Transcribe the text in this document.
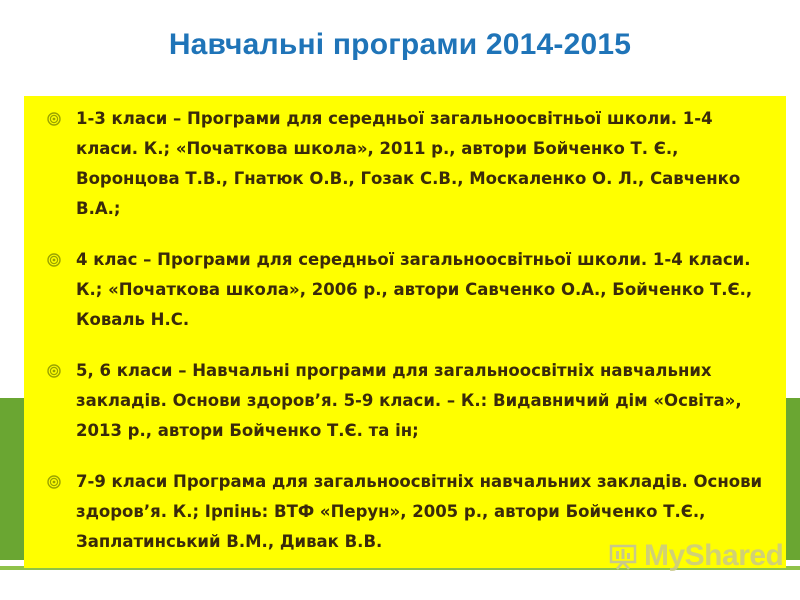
Навчальні програми 2014-2015
1-3 класи – Програми для середньої загальноосвітньої школи. 1-4 класи. К.; «Початкова школа», 2011 р., автори Бойченко Т. Є., Воронцова Т.В., Гнатюк О.В., Гозак С.В., Москаленко О. Л., Савченко В.А.;
4 клас – Програми для середньої загальноосвітньої школи. 1-4 класи. К.; «Початкова школа», 2006 р., автори Савченко О.А., Бойченко Т.Є., Коваль Н.С.
5, 6 класи – Навчальні програми для загальноосвітніх навчальних закладів. Основи здоров’я. 5-9 класи. – К.: Видавничий дім «Освіта», 2013 р., автори Бойченко Т.Є. та ін;
7-9 класи Програма для загальноосвітніх навчальних закладів. Основи здоров’я. К.; Ірпінь: ВТФ «Перун», 2005 р., автори Бойченко Т.Є., Заплатинський В.М., Дивак В.В.	MyShared
